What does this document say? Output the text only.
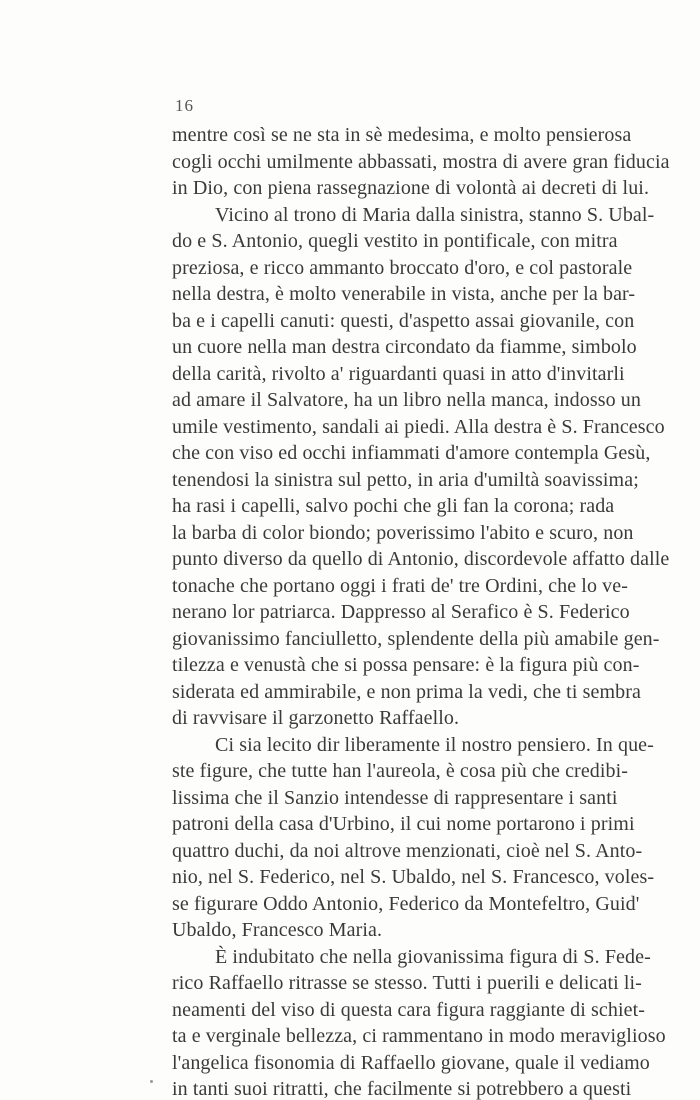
16
mentre così se ne sta in sè medesima, e molto pensierosa
cogli occhi umilmente abbassati, mostra di avere gran fiducia
in Dio, con piena rassegnazione di volontà ai decreti di lui.
Vicino al trono di Maria dalla sinistra, stanno S. Ubal-
do e S. Antonio, quegli vestito in pontificale, con mitra
preziosa, e ricco ammanto broccato d'oro, e col pastorale
nella destra, è molto venerabile in vista, anche per la bar-
ba e i capelli canuti: questi, d'aspetto assai giovanile, con
un cuore nella man destra circondato da fiamme, simbolo
della carità, rivolto a' riguardanti quasi in atto d'invitarli
ad amare il Salvatore, ha un libro nella manca, indosso un
umile vestimento, sandali ai piedi. Alla destra è S. Francesco
che con viso ed occhi infiammati d'amore contempla Gesù,
tenendosi la sinistra sul petto, in aria d'umiltà soavissima;
ha rasi i capelli, salvo pochi che gli fan la corona; rada
la barba di color biondo; poverissimo l'abito e scuro, non
punto diverso da quello di Antonio, discordevole affatto dalle
tonache che portano oggi i frati de' tre Ordini, che lo ve-
nerano lor patriarca. Dappresso al Serafico è S. Federico
giovanissimo fanciulletto, splendente della più amabile gen-
tilezza e venustà che si possa pensare: è la figura più con-
siderata ed ammirabile, e non prima la vedi, che ti sembra
di ravvisare il garzonetto Raffaello.
Ci sia lecito dir liberamente il nostro pensiero. In que-
ste figure, che tutte han l'aureola, è cosa più che credibi-
lissima che il Sanzio intendesse di rappresentare i santi
patroni della casa d'Urbino, il cui nome portarono i primi
quattro duchi, da noi altrove menzionati, cioè nel S. Anto-
nio, nel S. Federico, nel S. Ubaldo, nel S. Francesco, voles-
se figurare Oddo Antonio, Federico da Montefeltro, Guid'
Ubaldo, Francesco Maria.
È indubitato che nella giovanissima figura di S. Fede-
rico Raffaello ritrasse se stesso. Tutti i puerili e delicati li-
neamenti del viso di questa cara figura raggiante di schiet-
ta e verginale bellezza, ci rammentano in modo meraviglioso
l'angelica fisonomia di Raffaello giovane, quale il vediamo
in tanti suoi ritratti, che facilmente si potrebbero a questi
